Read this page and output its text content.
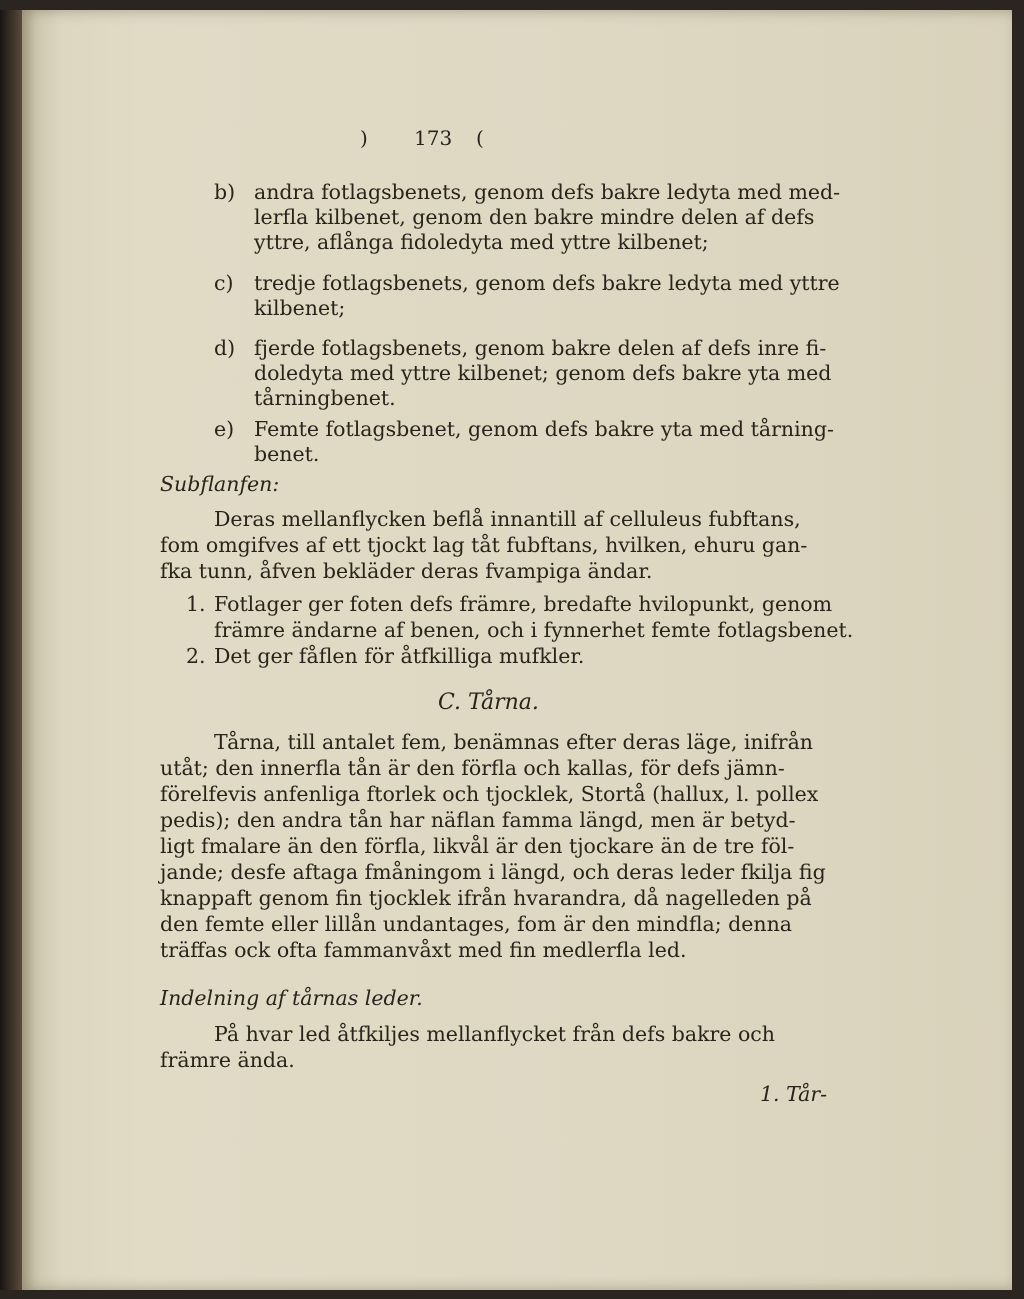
) 173 (
b) andra fotlagsbenets, genom defs bakre ledyta med med-
lerfla kilbenet, genom den bakre mindre delen af defs
yttre, aflånga fidoledyta med yttre kilbenet;
c) tredje fotlagsbenets, genom defs bakre ledyta med yttre
kilbenet;
d) fjerde fotlagsbenets, genom bakre delen af defs inre fi-
doledyta med yttre kilbenet; genom defs bakre yta med
tårningbenet.
e) Femte fotlagsbenet, genom defs bakre yta med tårning-
benet.
Subflanfen:
Deras mellanflycken beflå innantill af celluleus fubftans,
fom omgifves af ett tjockt lag tåt fubftans, hvilken, ehuru gan-
fka tunn, åfven bekläder deras fvampiga ändar.
1. Fotlager ger foten defs främre, bredafte hvilopunkt, genom
främre ändarne af benen, och i fynnerhet femte fotlagsbenet.
2. Det ger fåflen för åtfkilliga mufkler.
C. Tårna.
Tårna, till antalet fem, benämnas efter deras läge, inifrån
utåt; den innerfla tån är den förfla och kallas, för defs jämn-
förelfevis anfenliga ftorlek och tjocklek, Stortå (hallux, l. pollex
pedis); den andra tån har näflan famma längd, men är betyd-
ligt fmalare än den förfla, likvål är den tjockare än de tre föl-
jande; desfe aftaga fmåningom i längd, och deras leder fkilja fig
knappaft genom fin tjocklek ifrån hvarandra, då nagelleden på
den femte eller lillån undantages, fom är den mindfla; denna
träffas ock ofta fammanvåxt med fin medlerfla led.
Indelning af tårnas leder.
På hvar led åtfkiljes mellanflycket från defs bakre och
främre ända.
1. Tår-
